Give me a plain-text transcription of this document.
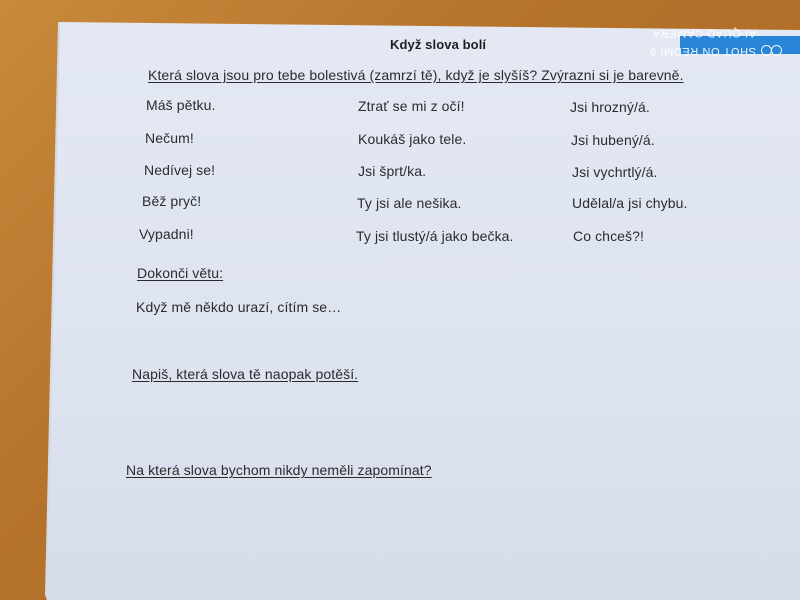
SHOT ON REDMI 9
AI QUAD CAMERA
Když slova bolí
Která slova jsou pro tebe bolestivá (zamrzí tě), když je slyšíš? Zvýrazni si je barevně.
Máš pětku.
Nečum!
Nedívej se!
Běž pryč!
Vypadni!
Ztrať se mi z očí!
Koukáš jako tele.
Jsi šprt/ka.
Ty jsi ale nešika.
Ty jsi tlustý/á jako bečka.
Jsi hrozný/á.
Jsi hubený/á.
Jsi vychrtlý/á.
Udělal/a jsi chybu.
Co chceš?!
Dokonči větu:
Když mě někdo urazí, cítím se…
Napiš, která slova tě naopak potěší.
Na která slova bychom nikdy neměli zapomínat?
